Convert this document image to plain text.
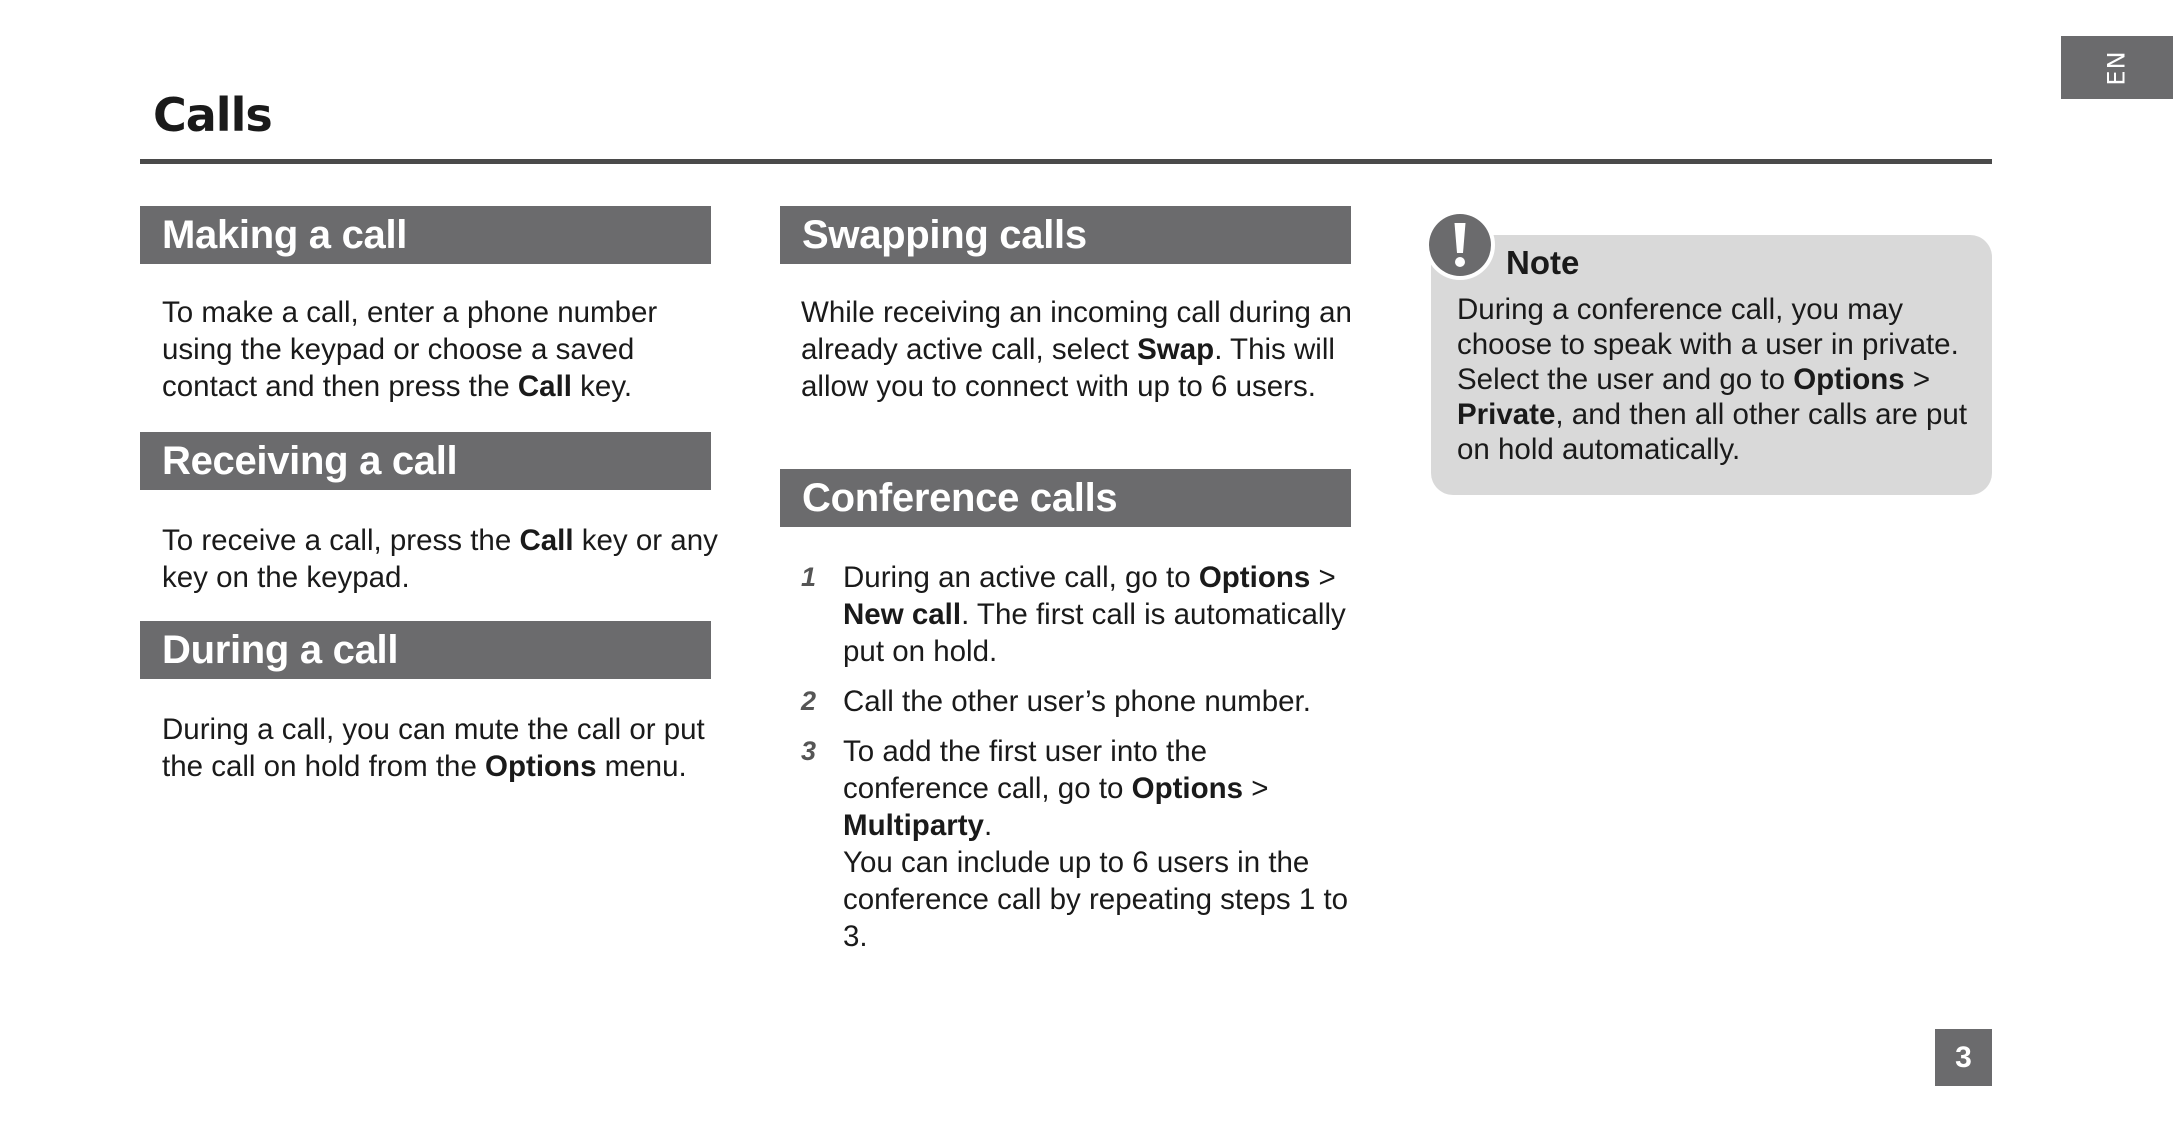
EN
Calls
Making a call

To make a call, enter a phone number using the keypad or choose a saved contact and then press the Call key.

Receiving a call

To receive a call, press the Call key or any key on the keypad.

During a call

During a call, you can mute the call or put the call on hold from the Options menu.

Swapping calls

While receiving an incoming call during an already active call, select Swap. This will allow you to connect with up to 6 users.

Conference calls
1 During an active call, go to Options > New call. The first call is automatically put on hold.
2 Call the other user’s phone number.
3 To add the first user into the conference call, go to Options > Multiparty.
You can include up to 6 users in the conference call by repeating steps 1 to 3.
Note

During a conference call, you may choose to speak with a user in private. Select the user and go to Options > Private, and then all other calls are put on hold automatically.

3
